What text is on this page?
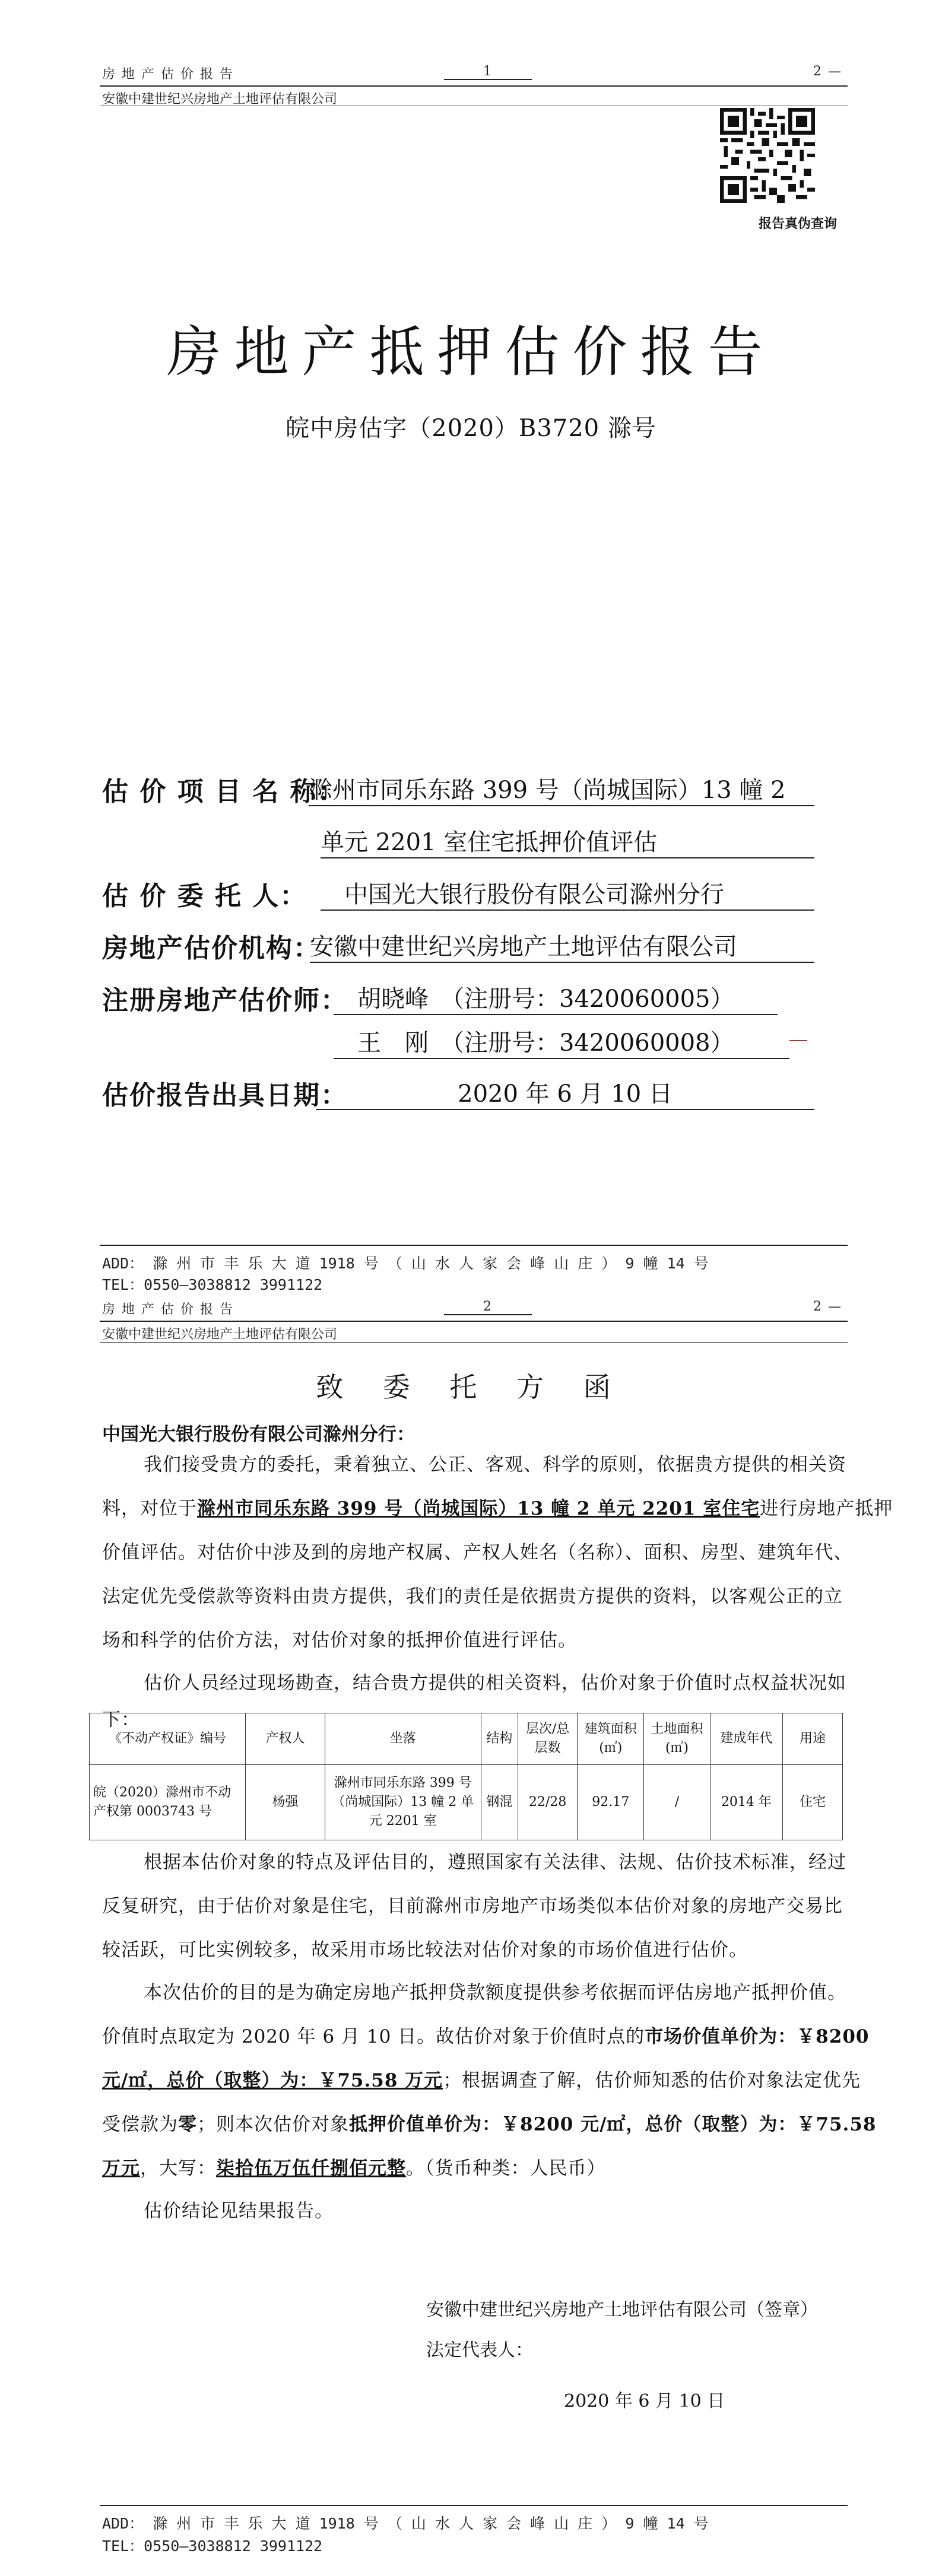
房 地 产 估 价 报 告	1	2 —
安徽中建世纪兴房地产土地评估有限公司
报告真伪查询
房地产抵押估价报告
皖中房估字（2020）B3720 滁号
估 价 项 目 名 称：
滁州市同乐东路 399 号（尚城国际）13 幢 2
单元 2201 室住宅抵押价值评估
估 价 委 托 人：	中国光大银行股份有限公司滁州分行
房地产估价机构：
安徽中建世纪兴房地产土地评估有限公司
注册房地产估价师： 胡晓峰　（注册号：3420060005）
王　刚　（注册号：3420060008）
估价报告出具日期：	2020 年 6 月 10 日
ADD： 滁 州 市 丰 乐 大 道 1918 号 （ 山 水 人 家 会 峰 山 庄 ） 9 幢 14 号
TEL：0550—3038812 3991122
房 地 产 估 价 报 告	2	2 —
安徽中建世纪兴房地产土地评估有限公司
致 委 托 方 函
中国光大银行股份有限公司滁州分行：
我们接受贵方的委托，秉着独立、公正、客观、科学的原则，依据贵方提供的相关资
料，对位于滁州市同乐东路 399 号（尚城国际）13 幢 2 单元 2201 室住宅进行房地产抵押
价值评估。对估价中涉及到的房地产权属、产权人姓名（名称）、面积、房型、建筑年代、
法定优先受偿款等资料由贵方提供，我们的责任是依据贵方提供的资料，以客观公正的立
场和科学的估价方法，对估价对象的抵押价值进行评估。
估价人员经过现场勘查，结合贵方提供的相关资料，估价对象于价值时点权益状况如
下：
《不动产权证》编号	产权人	坐落	结构	层次/总层数	建筑面积(㎡)	土地面积(㎡)	建成年代	用途
皖（2020）滁州市不动产权第 0003743 号	杨强	滁州市同乐东路 399 号（尚城国际）13 幢 2 单元 2201 室	钢混	22/28	92.17	/	2014 年	住宅
根据本估价对象的特点及评估目的，遵照国家有关法律、法规、估价技术标准，经过
反复研究，由于估价对象是住宅，目前滁州市房地产市场类似本估价对象的房地产交易比
较活跃，可比实例较多，故采用市场比较法对估价对象的市场价值进行估价。
本次估价的目的是为确定房地产抵押贷款额度提供参考依据而评估房地产抵押价值。
价值时点取定为 2020 年 6 月 10 日。故估价对象于价值时点的市场价值单价为：￥8200
元/㎡，总价（取整）为：￥75.58 万元；根据调查了解，估价师知悉的估价对象法定优先
受偿款为零；则本次估价对象抵押价值单价为：￥8200 元/㎡，总价（取整）为：￥75.58
万元，大写：柒拾伍万伍仟捌佰元整。（货币种类：人民币）
估价结论见结果报告。
安徽中建世纪兴房地产土地评估有限公司（签章）
法定代表人：
2020 年 6 月 10 日
ADD： 滁 州 市 丰 乐 大 道 1918 号 （ 山 水 人 家 会 峰 山 庄 ） 9 幢 14 号
TEL：0550—3038812 3991122
